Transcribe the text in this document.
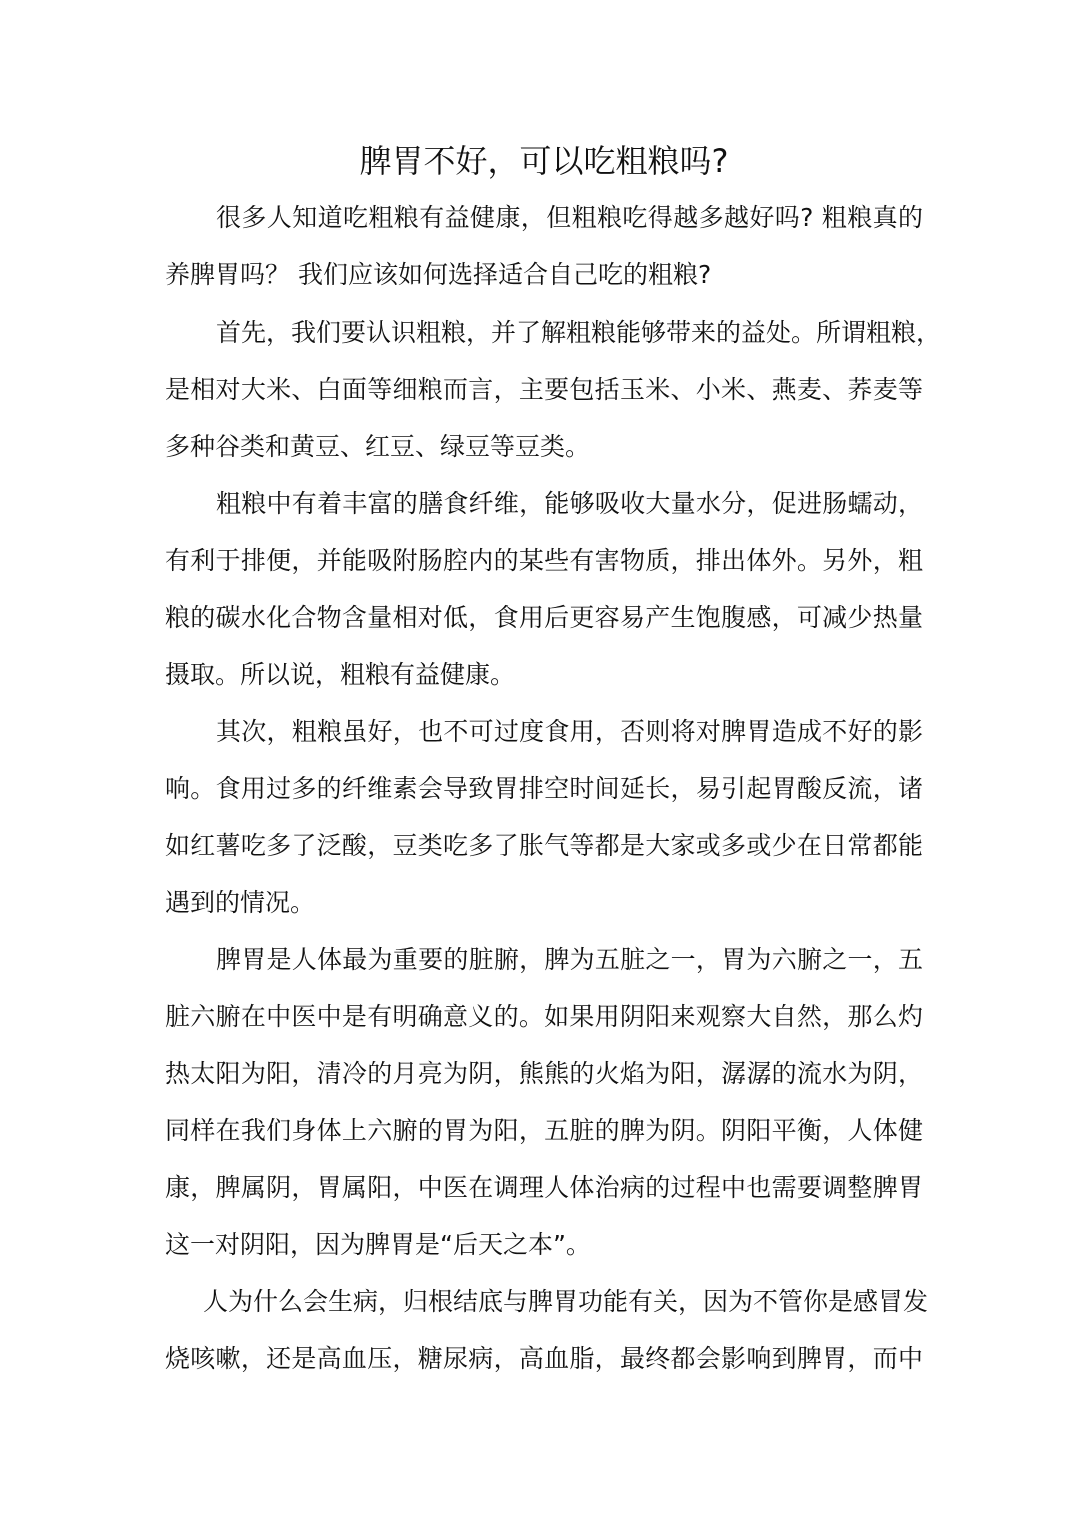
脾胃不好，可以吃粗粮吗?
很多人知道吃粗粮有益健康，但粗粮吃得越多越好吗? 粗粮真的
养脾胃吗？ 我们应该如何选择适合自己吃的粗粮?
首先，我们要认识粗粮，并了解粗粮能够带来的益处。所谓粗粮，
是相对大米、白面等细粮而言，主要包括玉米、小米、燕麦、荞麦等
多种谷类和黄豆、红豆、绿豆等豆类。
粗粮中有着丰富的膳食纤维，能够吸收大量水分，促进肠蠕动，
有利于排便，并能吸附肠腔内的某些有害物质，排出体外。另外，粗
粮的碳水化合物含量相对低，食用后更容易产生饱腹感，可减少热量
摄取。所以说，粗粮有益健康。
其次，粗粮虽好，也不可过度食用，否则将对脾胃造成不好的影
响。食用过多的纤维素会导致胃排空时间延长，易引起胃酸反流，诸
如红薯吃多了泛酸，豆类吃多了胀气等都是大家或多或少在日常都能
遇到的情况。
脾胃是人体最为重要的脏腑，脾为五脏之一，胃为六腑之一，五
脏六腑在中医中是有明确意义的。如果用阴阳来观察大自然，那么灼
热太阳为阳，清冷的月亮为阴，熊熊的火焰为阳，潺潺的流水为阴，
同样在我们身体上六腑的胃为阳，五脏的脾为阴。阴阳平衡，人体健
康，脾属阴，胃属阳，中医在调理人体治病的过程中也需要调整脾胃
这一对阴阳，因为脾胃是“后天之本”。
人为什么会生病，归根结底与脾胃功能有关，因为不管你是感冒发
烧咳嗽，还是高血压，糖尿病，高血脂，最终都会影响到脾胃，而中
